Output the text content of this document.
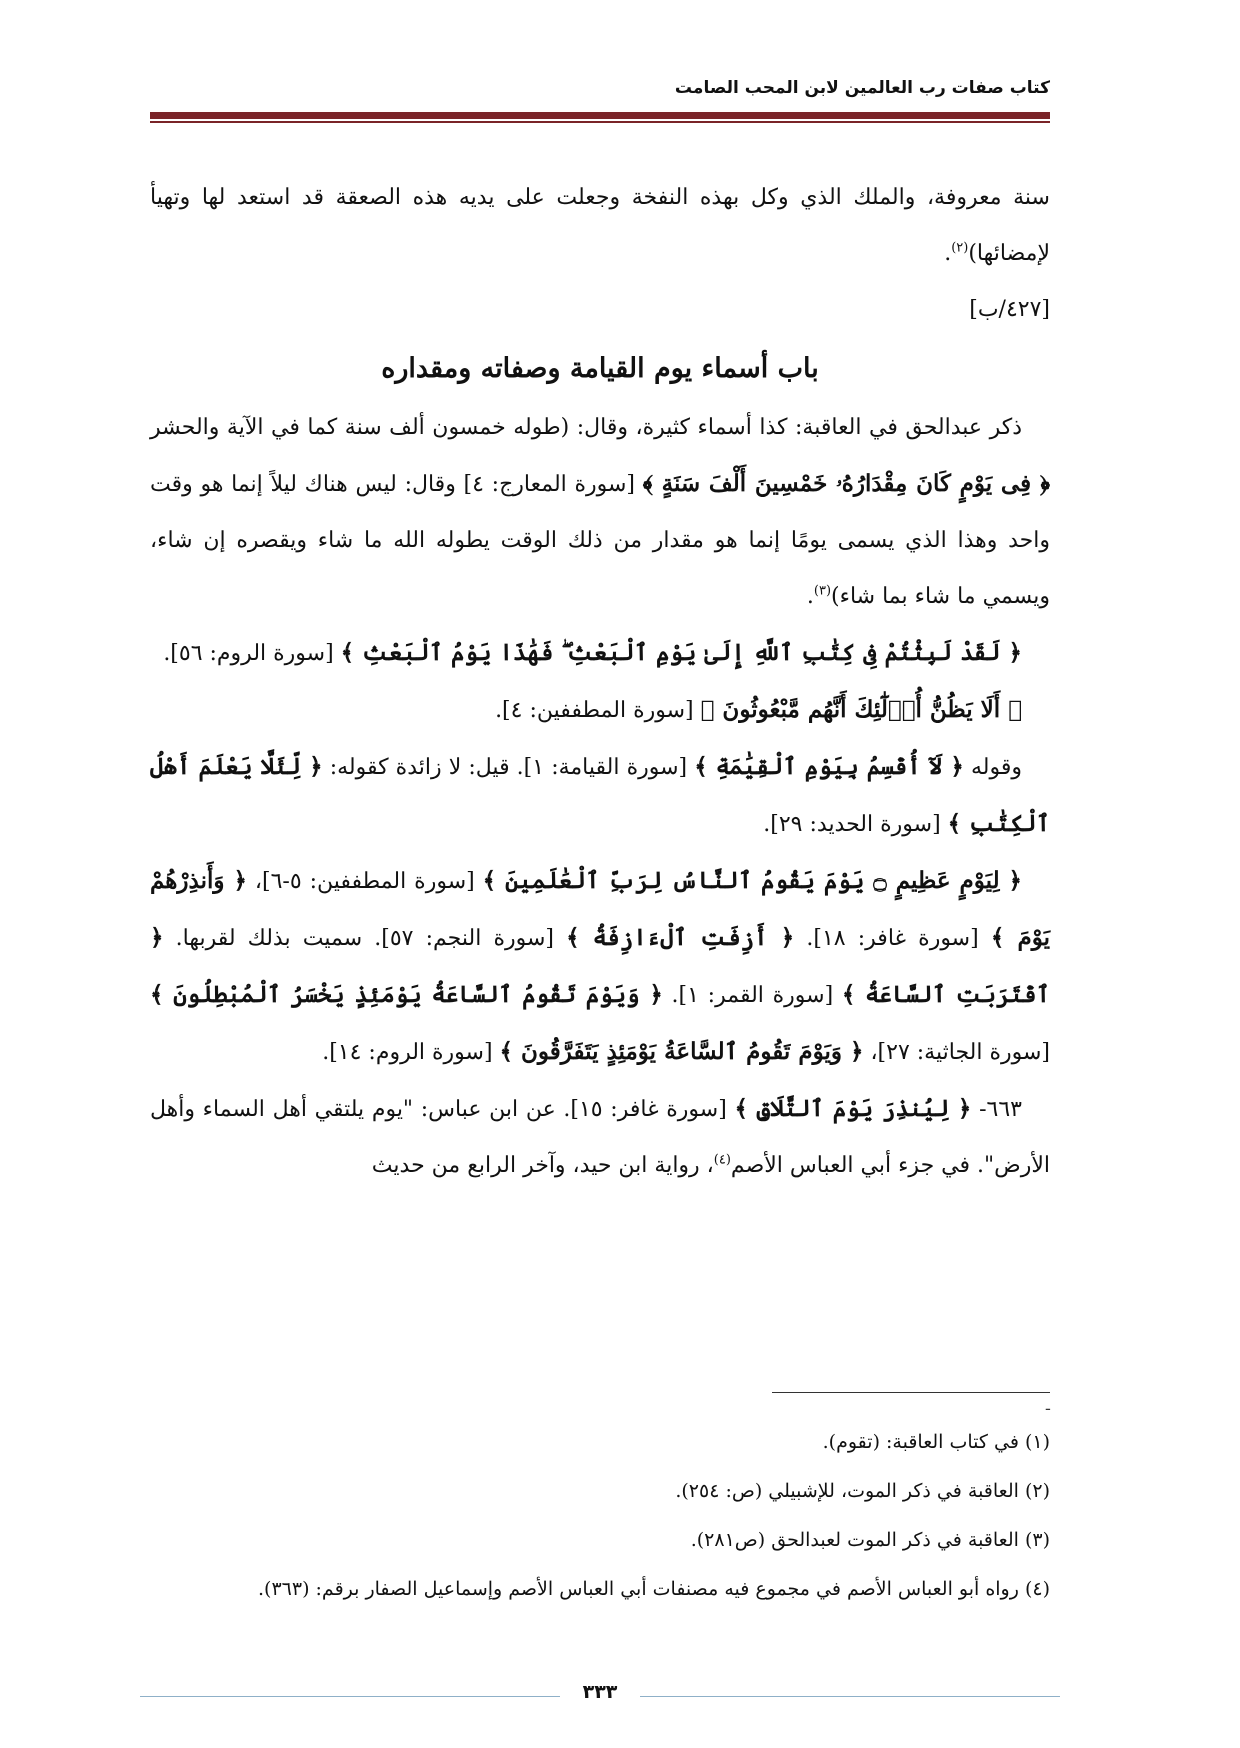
كتاب صفات رب العالمين لابن المحب الصامت

سنة معروفة، والملك الذي وكل بهذه النفخة وجعلت على يديه هذه الصعقة قد استعد لها وتهيأ لإمضائها)$^{(٢)}$.

[٤٢٧/ب]

باب أسماء يوم القيامة وصفاته ومقداره

ذكر عبدالحق في العاقبة: كذا أسماء كثيرة، وقال: (طوله خمسون ألف سنة كما في الآية والحشر ﴿ فِى يَوْمٍ كَانَ مِقْدَارُهُۥ خَمْسِينَ أَلْفَ سَنَةٍ ﴾ [سورة المعارج: ٤] وقال: ليس هناك ليلاً إنما هو وقت واحد وهذا الذي يسمى يومًا إنما هو مقدار من ذلك الوقت يطوله الله ما شاء ويقصره إن شاء، ويسمي ما شاء بما شاء)$^{(٣)}$.

﴿ لَقَدْ لَبِثْتُمْ فِى كِتَٰبِ ٱللَّهِ إِلَىٰ يَوْمِ ٱلْبَعْثِ ۖ فَهَٰذَا يَوْمُ ٱلْبَعْثِ ﴾ [سورة الروم: ٥٦].

﴿ أَلَا يَظُنُّ أُو۟لَٰٓئِكَ أَنَّهُم مَّبْعُوثُونَ ﴾ [سورة المطففين: ٤].

وقوله ﴿ لَآ أُقْسِمُ بِيَوْمِ ٱلْقِيَٰمَةِ ﴾ [سورة القيامة: ١]. قيل: لا زائدة كقوله: ﴿ لِّئَلَّا يَعْلَمَ أَهْلُ ٱلْكِتَٰبِ ﴾ [سورة الحديد: ٢٩].

﴿ لِيَوْمٍ عَظِيمٍ ۝ يَوْمَ يَقُومُ ٱلنَّاسُ لِرَبِّ ٱلْعَٰلَمِينَ ﴾ [سورة المطففين: ٥-٦]، ﴿ وَأَنذِرْهُمْ يَوْمَ ﴾ [سورة غافر: ١٨]. ﴿ أَزِفَتِ ٱلْءَازِفَةُ ﴾ [سورة النجم: ٥٧]. سميت بذلك لقربها. ﴿ ٱقْتَرَبَتِ ٱلسَّاعَةُ ﴾ [سورة القمر: ١]. ﴿ وَيَوْمَ تَقُومُ ٱلسَّاعَةُ يَوْمَئِذٍ يَخْسَرُ ٱلْمُبْطِلُونَ ﴾ [سورة الجاثية: ٢٧]، ﴿ وَيَوْمَ تَقُومُ ٱلسَّاعَةُ يَوْمَئِذٍ يَتَفَرَّقُونَ ﴾ [سورة الروم: ١٤].

٦٦٣- ﴿ لِيُنذِرَ يَوْمَ ٱلتَّلَاقِ ﴾ [سورة غافر: ١٥]. عن ابن عباس: "يوم يلتقي أهل السماء وأهل الأرض". في جزء أبي العباس الأصم$^{(٤)}$، رواية ابن حيد، وآخر الرابع من حديث

ـ

(١) في كتاب العاقبة: (تقوم).

(٢) العاقبة في ذكر الموت، للإشبيلي (ص: ٢٥٤).

(٣) العاقبة في ذكر الموت لعبدالحق (ص٢٨١).

(٤) رواه أبو العباس الأصم في مجموع فيه مصنفات أبي العباس الأصم وإسماعيل الصفار برقم: (٣٦٣).

٣٣٣
